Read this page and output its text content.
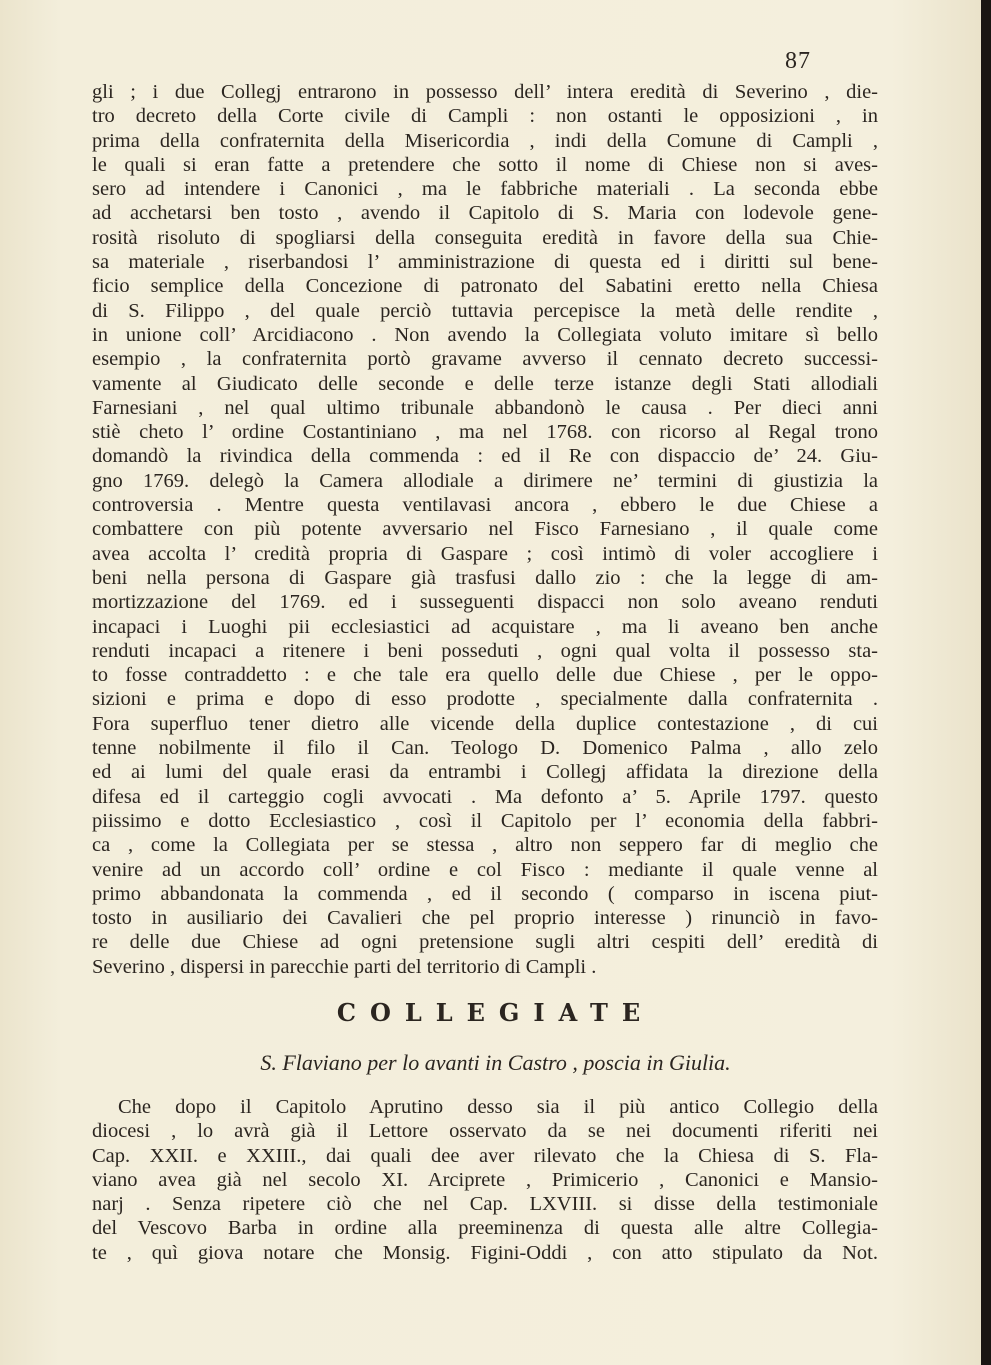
87
gli ; i due Collegj entrarono in possesso dell’ intera eredità di Severino , die-
tro decreto della Corte civile di Campli : non ostanti le opposizioni , in
prima della confraternita della Misericordia , indi della Comune di Campli ,
le quali si eran fatte a pretendere che sotto il nome di Chiese non si aves-
sero ad intendere i Canonici , ma le fabbriche materiali . La seconda ebbe
ad acchetarsi ben tosto , avendo il Capitolo di S. Maria con lodevole gene-
rosità risoluto di spogliarsi della conseguita eredità in favore della sua Chie-
sa materiale , riserbandosi l’ amministrazione di questa ed i diritti sul bene-
ficio semplice della Concezione di patronato del Sabatini eretto nella Chiesa
di S. Filippo , del quale perciò tuttavia percepisce la metà delle rendite ,
in unione coll’ Arcidiacono . Non avendo la Collegiata voluto imitare sì bello
esempio , la confraternita portò gravame avverso il cennato decreto successi-
vamente al Giudicato delle seconde e delle terze istanze degli Stati allodiali
Farnesiani , nel qual ultimo tribunale abbandonò le causa . Per dieci anni
stiè cheto l’ ordine Costantiniano , ma nel 1768. con ricorso al Regal trono
domandò la rivindica della commenda : ed il Re con dispaccio de’ 24. Giu-
gno 1769. delegò la Camera allodiale a dirimere ne’ termini di giustizia la
controversia . Mentre questa ventilavasi ancora , ebbero le due Chiese a
combattere con più potente avversario nel Fisco Farnesiano , il quale come
avea accolta l’ credità propria di Gaspare ; così intimò di voler accogliere i
beni nella persona di Gaspare già trasfusi dallo zio : che la legge di am-
mortizzazione del 1769. ed i susseguenti dispacci non solo aveano renduti
incapaci i Luoghi pii ecclesiastici ad acquistare , ma li aveano ben anche
renduti incapaci a ritenere i beni posseduti , ogni qual volta il possesso sta-
to fosse contraddetto : e che tale era quello delle due Chiese , per le oppo-
sizioni e prima e dopo di esso prodotte , specialmente dalla confraternita .
Fora superfluo tener dietro alle vicende della duplice contestazione , di cui
tenne nobilmente il filo il Can. Teologo D. Domenico Palma , allo zelo
ed ai lumi del quale erasi da entrambi i Collegj affidata la direzione della
difesa ed il carteggio cogli avvocati . Ma defonto a’ 5. Aprile 1797. questo
piissimo e dotto Ecclesiastico , così il Capitolo per l’ economia della fabbri-
ca , come la Collegiata per se stessa , altro non seppero far di meglio che
venire ad un accordo coll’ ordine e col Fisco : mediante il quale venne al
primo abbandonata la commenda , ed il secondo ( comparso in iscena piut-
tosto in ausiliario dei Cavalieri che pel proprio interesse ) rinunciò in favo-
re delle due Chiese ad ogni pretensione sugli altri cespiti dell’ eredità di
Severino , dispersi in parecchie parti del territorio di Campli .
COLLEGIATE
S. Flaviano per lo avanti in Castro , poscia in Giulia.
Che dopo il Capitolo Aprutino desso sia il più antico Collegio della
diocesi , lo avrà già il Lettore osservato da se nei documenti riferiti nei
Cap. XXII. e XXIII., dai quali dee aver rilevato che la Chiesa di S. Fla-
viano avea già nel secolo XI. Arciprete , Primicerio , Canonici e Mansio-
narj . Senza ripetere ciò che nel Cap. LXVIII. si disse della testimoniale
del Vescovo Barba in ordine alla preeminenza di questa alle altre Collegia-
te , quì giova notare che Monsig. Figini-Oddi , con atto stipulato da Not.
